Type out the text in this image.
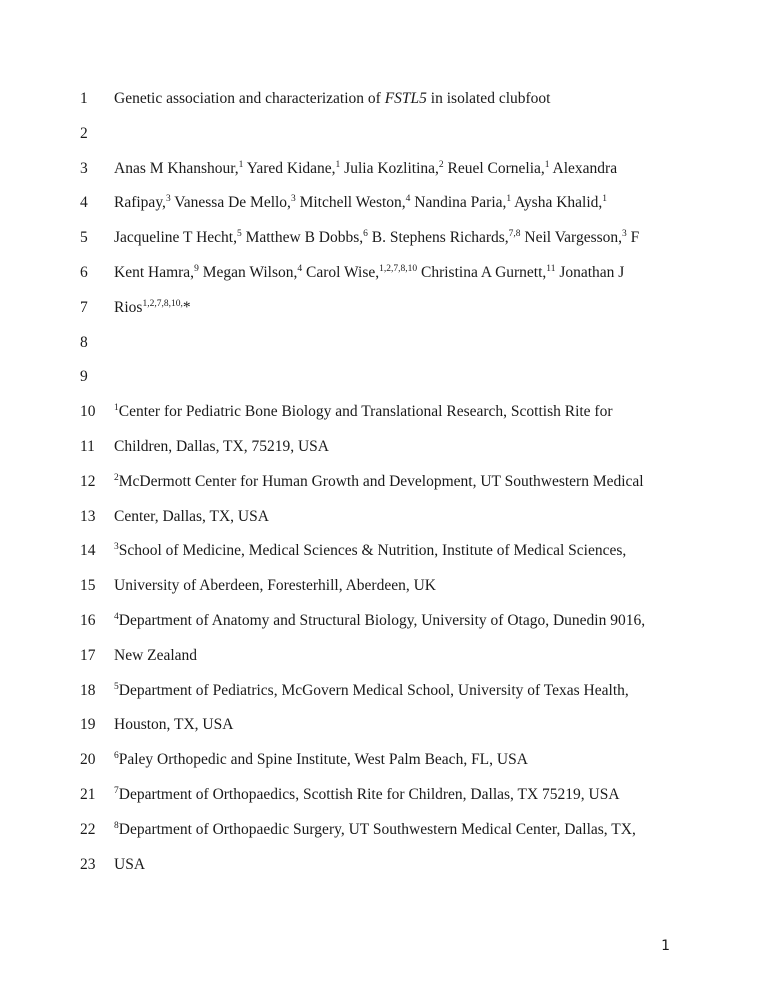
1	Genetic association and characterization of FSTL5 in isolated clubfoot
2
3	Anas M Khanshour,$^1$ Yared Kidane,$^1$ Julia Kozlitina,$^2$ Reuel Cornelia,$^1$ Alexandra
4	Rafipay,$^3$ Vanessa De Mello,$^3$ Mitchell Weston,$^4$ Nandina Paria,$^1$ Aysha Khalid,$^1$
5	Jacqueline T Hecht,$^5$ Matthew B Dobbs,$^6$ B. Stephens Richards,$^{7,8}$ Neil Vargesson,$^3$ F
6	Kent Hamra,$^9$ Megan Wilson,$^4$ Carol Wise,$^{1,2,7,8,10}$ Christina A Gurnett,$^{11}$ Jonathan J
7	Rios$^{1,2,7,8,10,}$*
8
9
10	$^1$Center for Pediatric Bone Biology and Translational Research, Scottish Rite for
11	Children, Dallas, TX, 75219, USA
12	$^2$McDermott Center for Human Growth and Development, UT Southwestern Medical
13 Center, Dallas, TX, USA
14	$^3$School of Medicine, Medical Sciences & Nutrition, Institute of Medical Sciences,
15 University of Aberdeen, Foresterhill, Aberdeen, UK
16	$^4$Department of Anatomy and Structural Biology, University of Otago, Dunedin 9016,
17 New Zealand
18	$^5$Department of Pediatrics, McGovern Medical School, University of Texas Health,
19 Houston, TX, USA
20	$^6$Paley Orthopedic and Spine Institute, West Palm Beach, FL, USA
21	$^7$Department of Orthopaedics, Scottish Rite for Children, Dallas, TX 75219, USA
22	$^8$Department of Orthopaedic Surgery, UT Southwestern Medical Center, Dallas, TX,
23 USA
1
